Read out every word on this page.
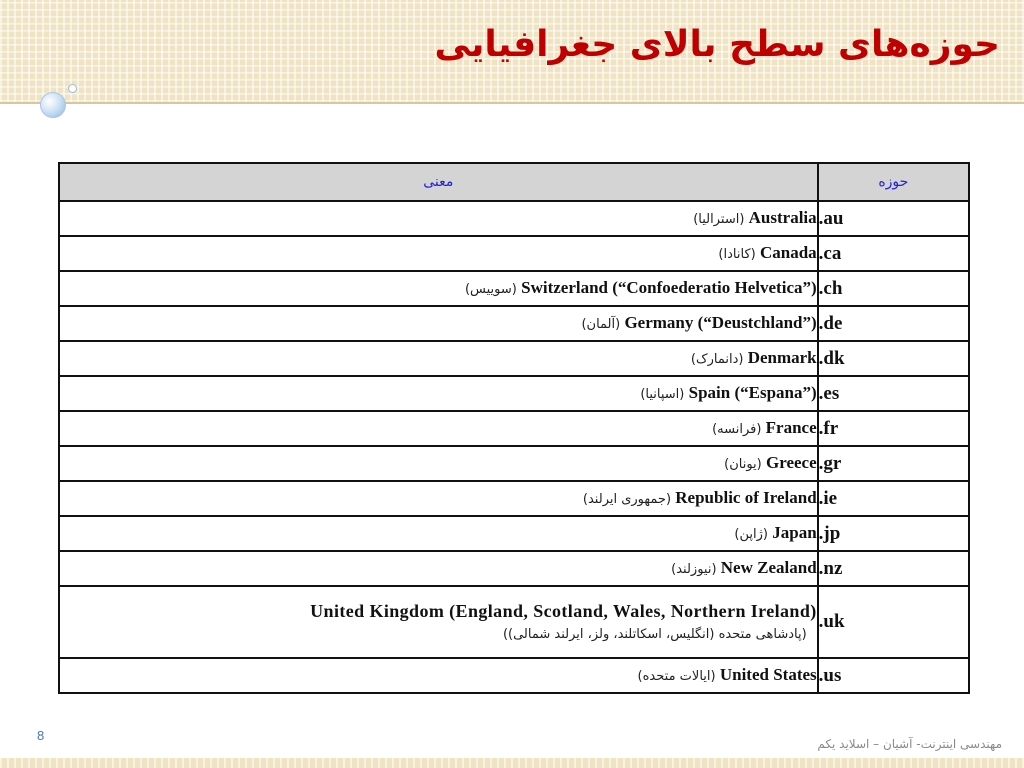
حوزه‌های سطح بالای جغرافیایی
معنی	حوزه
(استرالیا) Australia	.au
(کانادا) Canada	.ca
(سوییس) Switzerland (“Confoederatio Helvetica”)	.ch
(آلمان) Germany (“Deustchland”)	.de
(دانمارک) Denmark	.dk
(اسپانیا) Spain (“Espana”)	.es
(فرانسه) France	.fr
(یونان) Greece	.gr
(جمهوری ایرلند) Republic of Ireland	.ie
(ژاپن) Japan	.jp
(نیوزلند) New Zealand	.nz

United Kingdom (England, Scotland, Wales, Northern Ireland)
(پادشاهی متحده (انگلیس، اسکاتلند، ولز، ایرلند شمالی))	.uk
(ایالات متحده) United States	.us
8
مهندسی اینترنت- آشیان – اسلاید یکم
